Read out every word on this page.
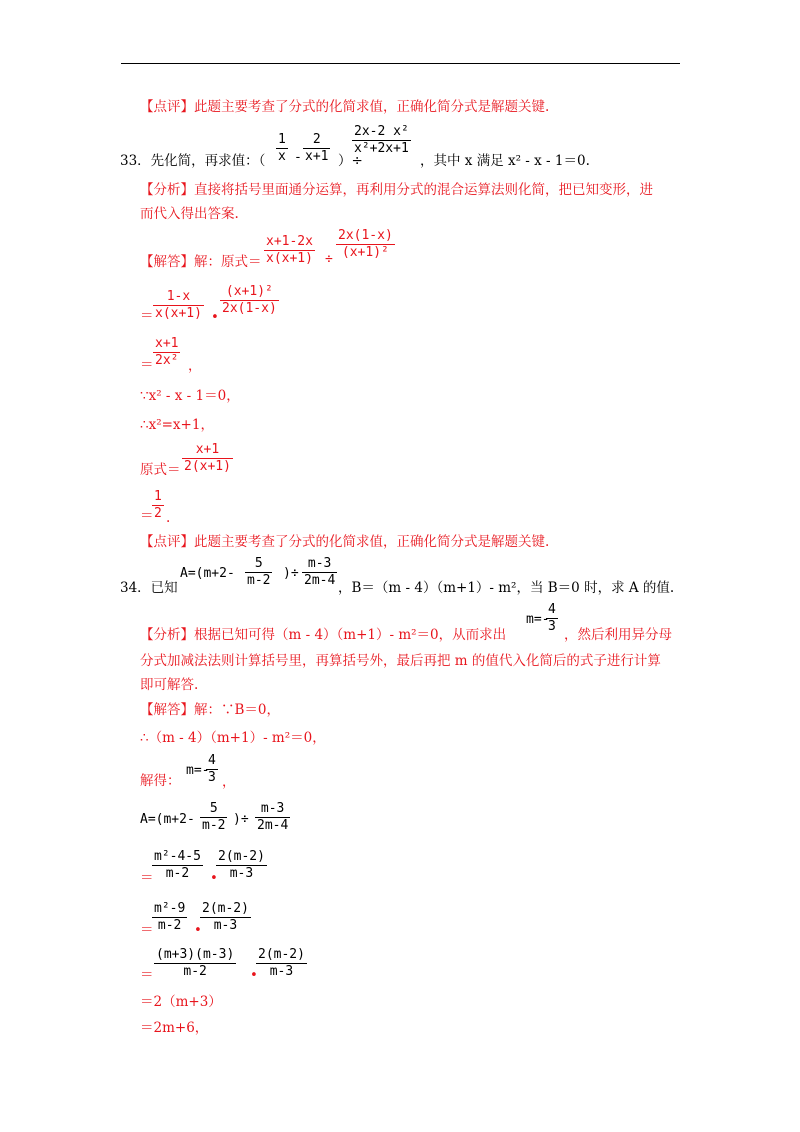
【点评】此题主要考查了分式的化简求值，正确化简分式是解题关键.
33．先化简，再求值：（ $\frac{1}{x} - \frac{2}{x+1}$ ）÷
$\frac{\text{2x-2 x²}}{\text{x²+2x+1}}$
，其中 x 满足 x² - x - 1＝0.
【分析】直接将括号里面通分运算，再利用分式的混合运算法则化简，把已知变形，进
而代入得出答案.
【解答】解：原式＝ $\frac{x+1-2x}{x(x+1)} \div \frac{2x(1-x)}{\text{(x+1)²}}$
＝ $\frac{1-x}{x(x+1)}$ •
$\frac{\text{(x+1)²}}{2x(1-x)}$
＝ $\frac{x+1}{\text{2x²}}$ ，
∵x² - x - 1＝0，
∴x²=x+1，
原式＝ $\frac{x+1}{2(x+1)}$
＝
$\frac{1}{2}$ .
【点评】此题主要考查了分式的化简求值，正确化简分式是解题关键.
34．已知
$A=(m+2- \frac{5}{m-2}$ )÷ $\frac{m-3}{2m-4}$ ，B＝（m - 4）（m+1）- m²，当 B＝0 时，求 A 的值.
【分析】根据已知可得（m - 4）（m+1）- m²＝0，从而求出
m=-
$\frac{4}{3}$ ，然后利用异分母
分式加减法法则计算括号里，再算括号外，最后再把 m 的值代入化简后的式子进行计算
即可解答.
【解答】解：∵B＝0，
∴（m - 4）（m+1）- m²＝0，
解得：
m=-
$\frac{4}{3}$ ，
$A=(m+2- \frac{5}{m-2}$ )÷ $\frac{m-3}{2m-4}$
＝
$\frac{\text{m²-4-5}}{m-2}$ •
$\frac{2(m-2)}{m-3}$
＝
$\frac{\text{m²-9}}{m-2}$ •
$\frac{2(m-2)}{m-3}$
＝ $\frac{(m+3)(m-3)}{m-2}$ •
$\frac{2(m-2)}{m-3}$
＝2（m+3）
＝2m+6，
